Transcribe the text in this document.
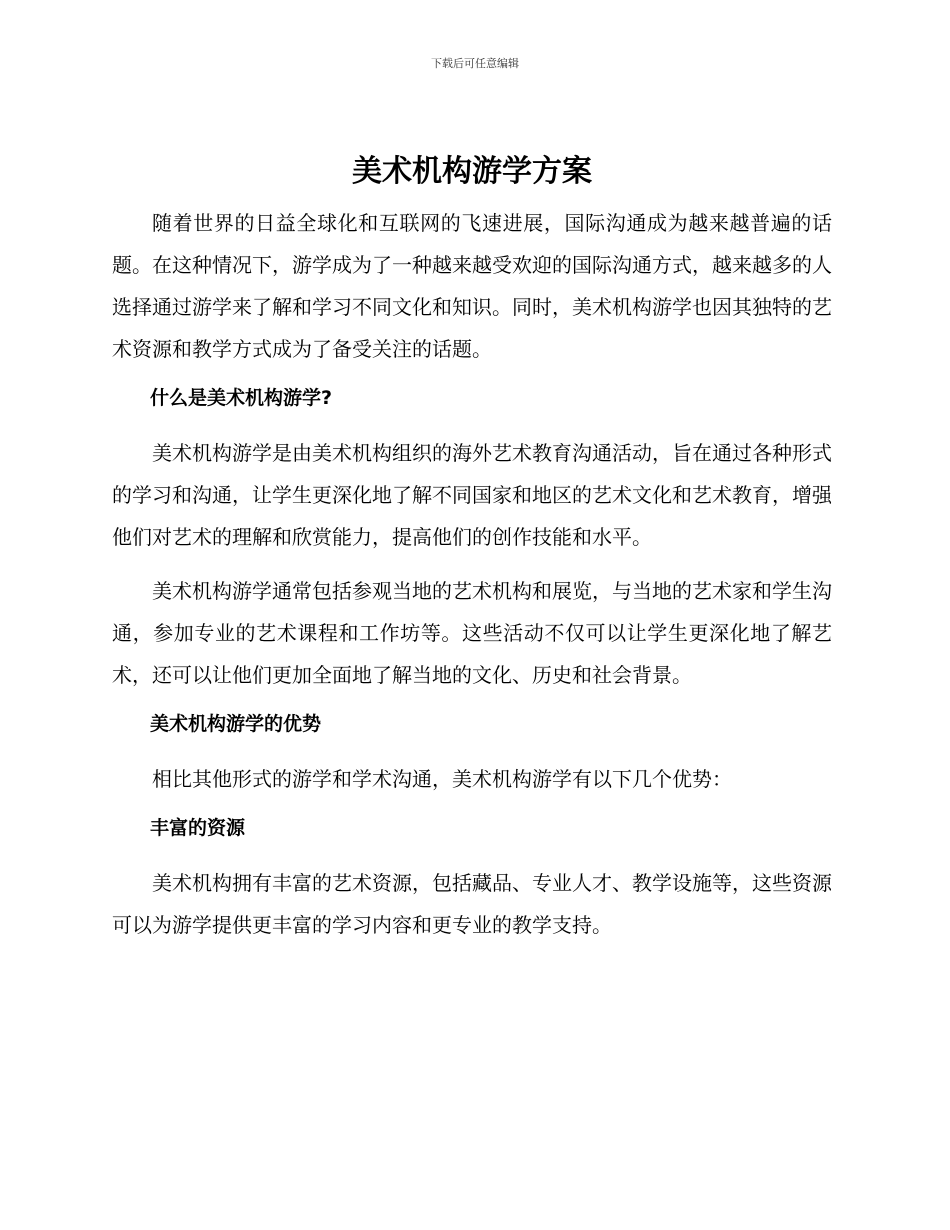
下载后可任意编辑
美术机构游学方案

随着世界的日益全球化和互联网的飞速进展，国际沟通成为越来越普遍的话题。在这种情况下，游学成为了一种越来越受欢迎的国际沟通方式，越来越多的人选择通过游学来了解和学习不同文化和知识。同时，美术机构游学也因其独特的艺术资源和教学方式成为了备受关注的话题。

什么是美术机构游学?

美术机构游学是由美术机构组织的海外艺术教育沟通活动，旨在通过各种形式的学习和沟通，让学生更深化地了解不同国家和地区的艺术文化和艺术教育，增强他们对艺术的理解和欣赏能力，提高他们的创作技能和水平。

美术机构游学通常包括参观当地的艺术机构和展览，与当地的艺术家和学生沟通，参加专业的艺术课程和工作坊等。这些活动不仅可以让学生更深化地了解艺术，还可以让他们更加全面地了解当地的文化、历史和社会背景。

美术机构游学的优势

相比其他形式的游学和学术沟通，美术机构游学有以下几个优势：

丰富的资源

美术机构拥有丰富的艺术资源，包括藏品、专业人才、教学设施等，这些资源可以为游学提供更丰富的学习内容和更专业的教学支持。
